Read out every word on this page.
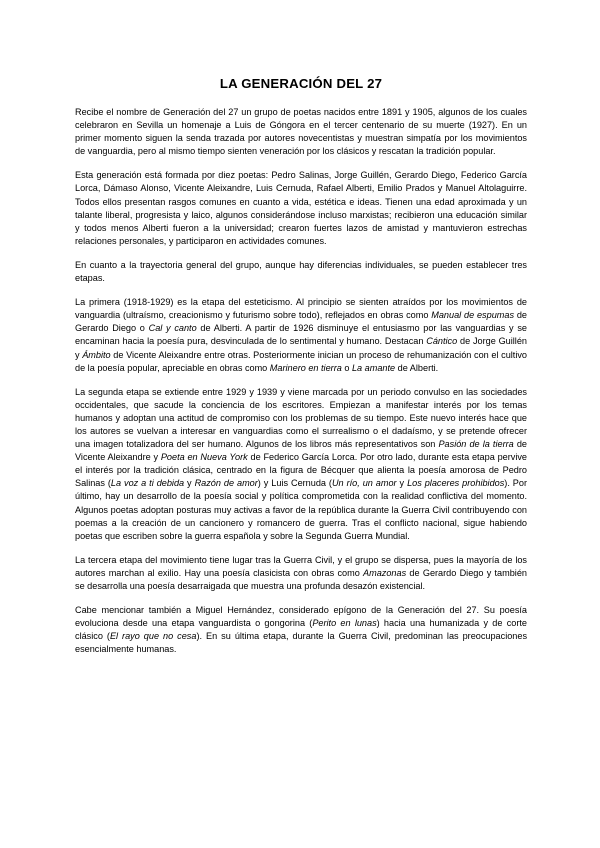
LA GENERACIÓN DEL 27

Recibe el nombre de Generación del 27 un grupo de poetas nacidos entre 1891 y 1905, algunos de los cuales celebraron en Sevilla un homenaje a Luis de Góngora en el tercer centenario de su muerte (1927). En un primer momento siguen la senda trazada por autores novecentistas y muestran simpatía por los movimientos de vanguardia, pero al mismo tiempo sienten veneración por los clásicos y rescatan la tradición popular.

Esta generación está formada por diez poetas: Pedro Salinas, Jorge Guillén, Gerardo Diego, Federico García Lorca, Dámaso Alonso, Vicente Aleixandre, Luis Cernuda, Rafael Alberti, Emilio Prados y Manuel Altolaguirre. Todos ellos presentan rasgos comunes en cuanto a vida, estética e ideas. Tienen una edad aproximada y un talante liberal, progresista y laico, algunos considerándose incluso marxistas; recibieron una educación similar y todos menos Alberti fueron a la universidad; crearon fuertes lazos de amistad y mantuvieron estrechas relaciones personales, y participaron en actividades comunes.

En cuanto a la trayectoria general del grupo, aunque hay diferencias individuales, se pueden establecer tres etapas.

La primera (1918-1929) es la etapa del esteticismo. Al principio se sienten atraídos por los movimientos de vanguardia (ultraísmo, creacionismo y futurismo sobre todo), reflejados en obras como Manual de espumas de Gerardo Diego o Cal y canto de Alberti. A partir de 1926 disminuye el entusiasmo por las vanguardias y se encaminan hacia la poesía pura, desvinculada de lo sentimental y humano. Destacan Cántico de Jorge Guillén y Ámbito de Vicente Aleixandre entre otras. Posteriormente inician un proceso de rehumanización con el cultivo de la poesía popular, apreciable en obras como Marinero en tierra o La amante de Alberti.

La segunda etapa se extiende entre 1929 y 1939 y viene marcada por un periodo convulso en las sociedades occidentales, que sacude la conciencia de los escritores. Empiezan a manifestar interés por los temas humanos y adoptan una actitud de compromiso con los problemas de su tiempo. Este nuevo interés hace que los autores se vuelvan a interesar en vanguardias como el surrealismo o el dadaísmo, y se pretende ofrecer una imagen totalizadora del ser humano. Algunos de los libros más representativos son Pasión de la tierra de Vicente Aleixandre y Poeta en Nueva York de Federico García Lorca. Por otro lado, durante esta etapa pervive el interés por la tradición clásica, centrado en la figura de Bécquer que alienta la poesía amorosa de Pedro Salinas (La voz a ti debida y Razón de amor) y Luis Cernuda (Un río, un amor y Los placeres prohibidos). Por último, hay un desarrollo de la poesía social y política comprometida con la realidad conflictiva del momento. Algunos poetas adoptan posturas muy activas a favor de la república durante la Guerra Civil contribuyendo con poemas a la creación de un cancionero y romancero de guerra. Tras el conflicto nacional, sigue habiendo poetas que escriben sobre la guerra española y sobre la Segunda Guerra Mundial.

La tercera etapa del movimiento tiene lugar tras la Guerra Civil, y el grupo se dispersa, pues la mayoría de los autores marchan al exilio. Hay una poesía clasicista con obras como Amazonas de Gerardo Diego y también se desarrolla una poesía desarraigada que muestra una profunda desazón existencial.

Cabe mencionar también a Miguel Hernández, considerado epígono de la Generación del 27. Su poesía evoluciona desde una etapa vanguardista o gongorina (Perito en lunas) hacia una humanizada y de corte clásico (El rayo que no cesa). En su última etapa, durante la Guerra Civil, predominan las preocupaciones esencialmente humanas.
